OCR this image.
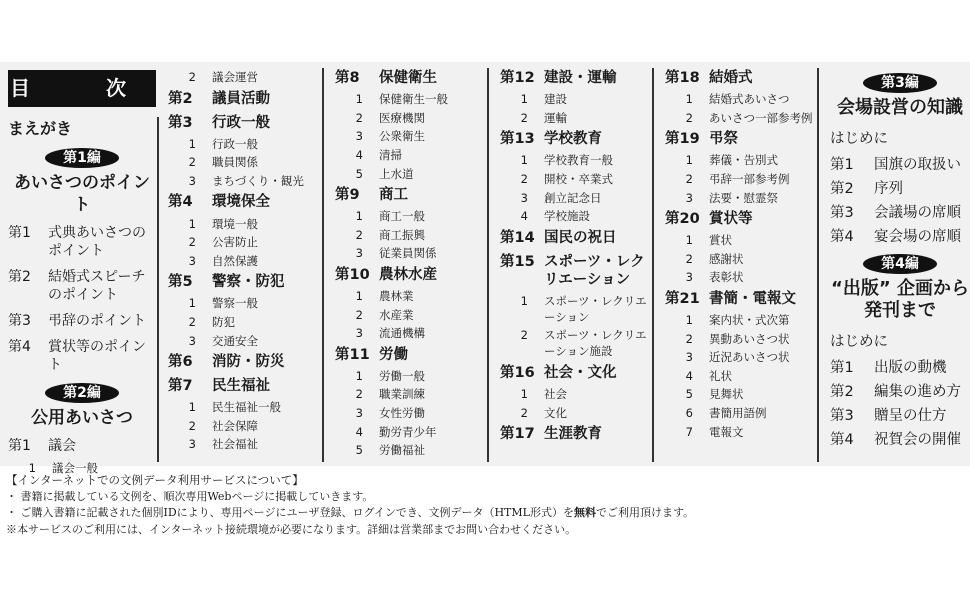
目　次
まえがき
第1編
あいさつのポイント
第1	式典あいさつのポイント
第2	結婚式スピーチのポイント
第3	弔辞のポイント
第4	賞状等のポイント
第2編
公用あいさつ
第1	議会
1	議会一般
2	議会運営
第2	議員活動
第3	行政一般
1	行政一般
2	職員関係
3	まちづくり・観光
第4	環境保全
1	環境一般
2	公害防止
3	自然保護
第5	警察・防犯
1	警察一般
2	防犯
3	交通安全
第6	消防・防災
第7	民生福祉
1	民生福祉一般
2	社会保障
3	社会福祉
第8	保健衛生
1	保健衛生一般
2	医療機関
3	公衆衛生
4	清掃
5	上水道
第9	商工
1	商工一般
2	商工振興
3	従業員関係
第10 農林水産
1	農林業
2	水産業
3	流通機構
第11 労働
1	労働一般
2	職業訓練
3	女性労働
4	勤労青少年
5	労働福祉
第12 建設・運輸
1	建設
2	運輸
第13 学校教育
1	学校教育一般
2	開校・卒業式
3	創立記念日
4	学校施設
第14 国民の祝日
第15 スポーツ・レクリエーション
1	スポーツ・レクリエーション
2	スポーツ・レクリエーション施設
第16 社会・文化
1	社会
2	文化
第17 生涯教育
第18 結婚式
1	結婚式あいさつ
2	あいさつ一部参考例
第19 弔祭
1	葬儀・告別式
2	弔辞一部参考例
3	法要・慰霊祭
第20 賞状等
1	賞状
2	感謝状
3	表彰状
第21 書簡・電報文
1	案内状・式次第
2	異動あいさつ状
3	近況あいさつ状
4	礼状
5	見舞状
6	書簡用語例
7	電報文
第3編
会場設営の知識
はじめに
第1	国旗の取扱い
第2	序列
第3	会議場の席順
第4	宴会場の席順
第4編
“出版” 企画から発刊まで
はじめに
第1	出版の動機
第2	編集の進め方
第3	贈呈の仕方
第4	祝賀会の開催
【インターネットでの文例データ利用サービスについて】
・ 書籍に掲載している文例を、順次専用Webページに掲載していきます。
・ ご購入書籍に記載された個別IDにより、専用ページにユーザ登録、ログインでき、文例データ（HTML形式）を無料でご利用頂けます。
※本サービスのご利用には、インターネット接続環境が必要になります。詳細は営業部までお問い合わせください。
